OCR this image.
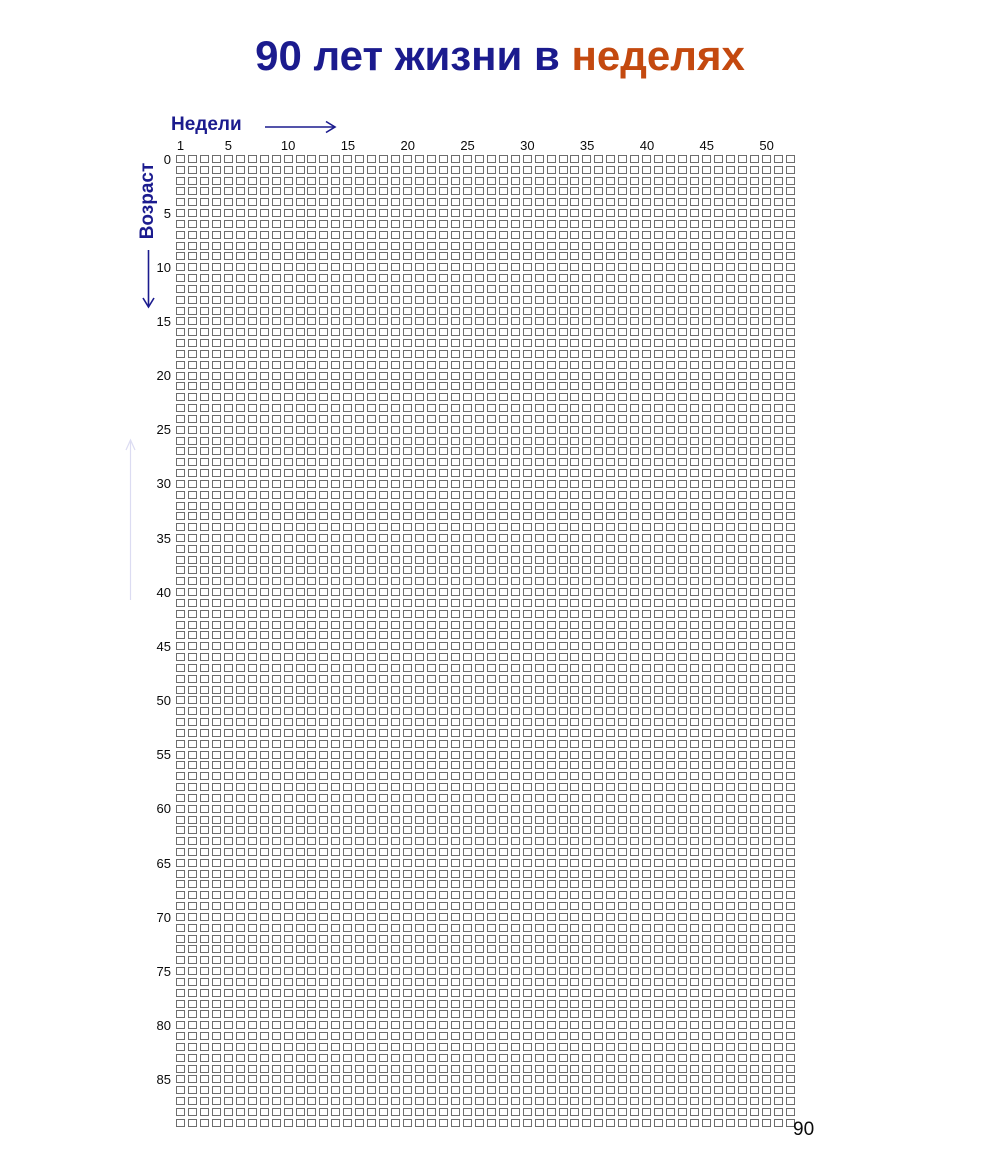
90 лет жизни в неделях
Недели
Возраст
1	5	10	15	20	25	30	35	40	45	50
0
5
10
15
20
25
30
35
40
45
50
55
60
65
70
75
80
85
90
